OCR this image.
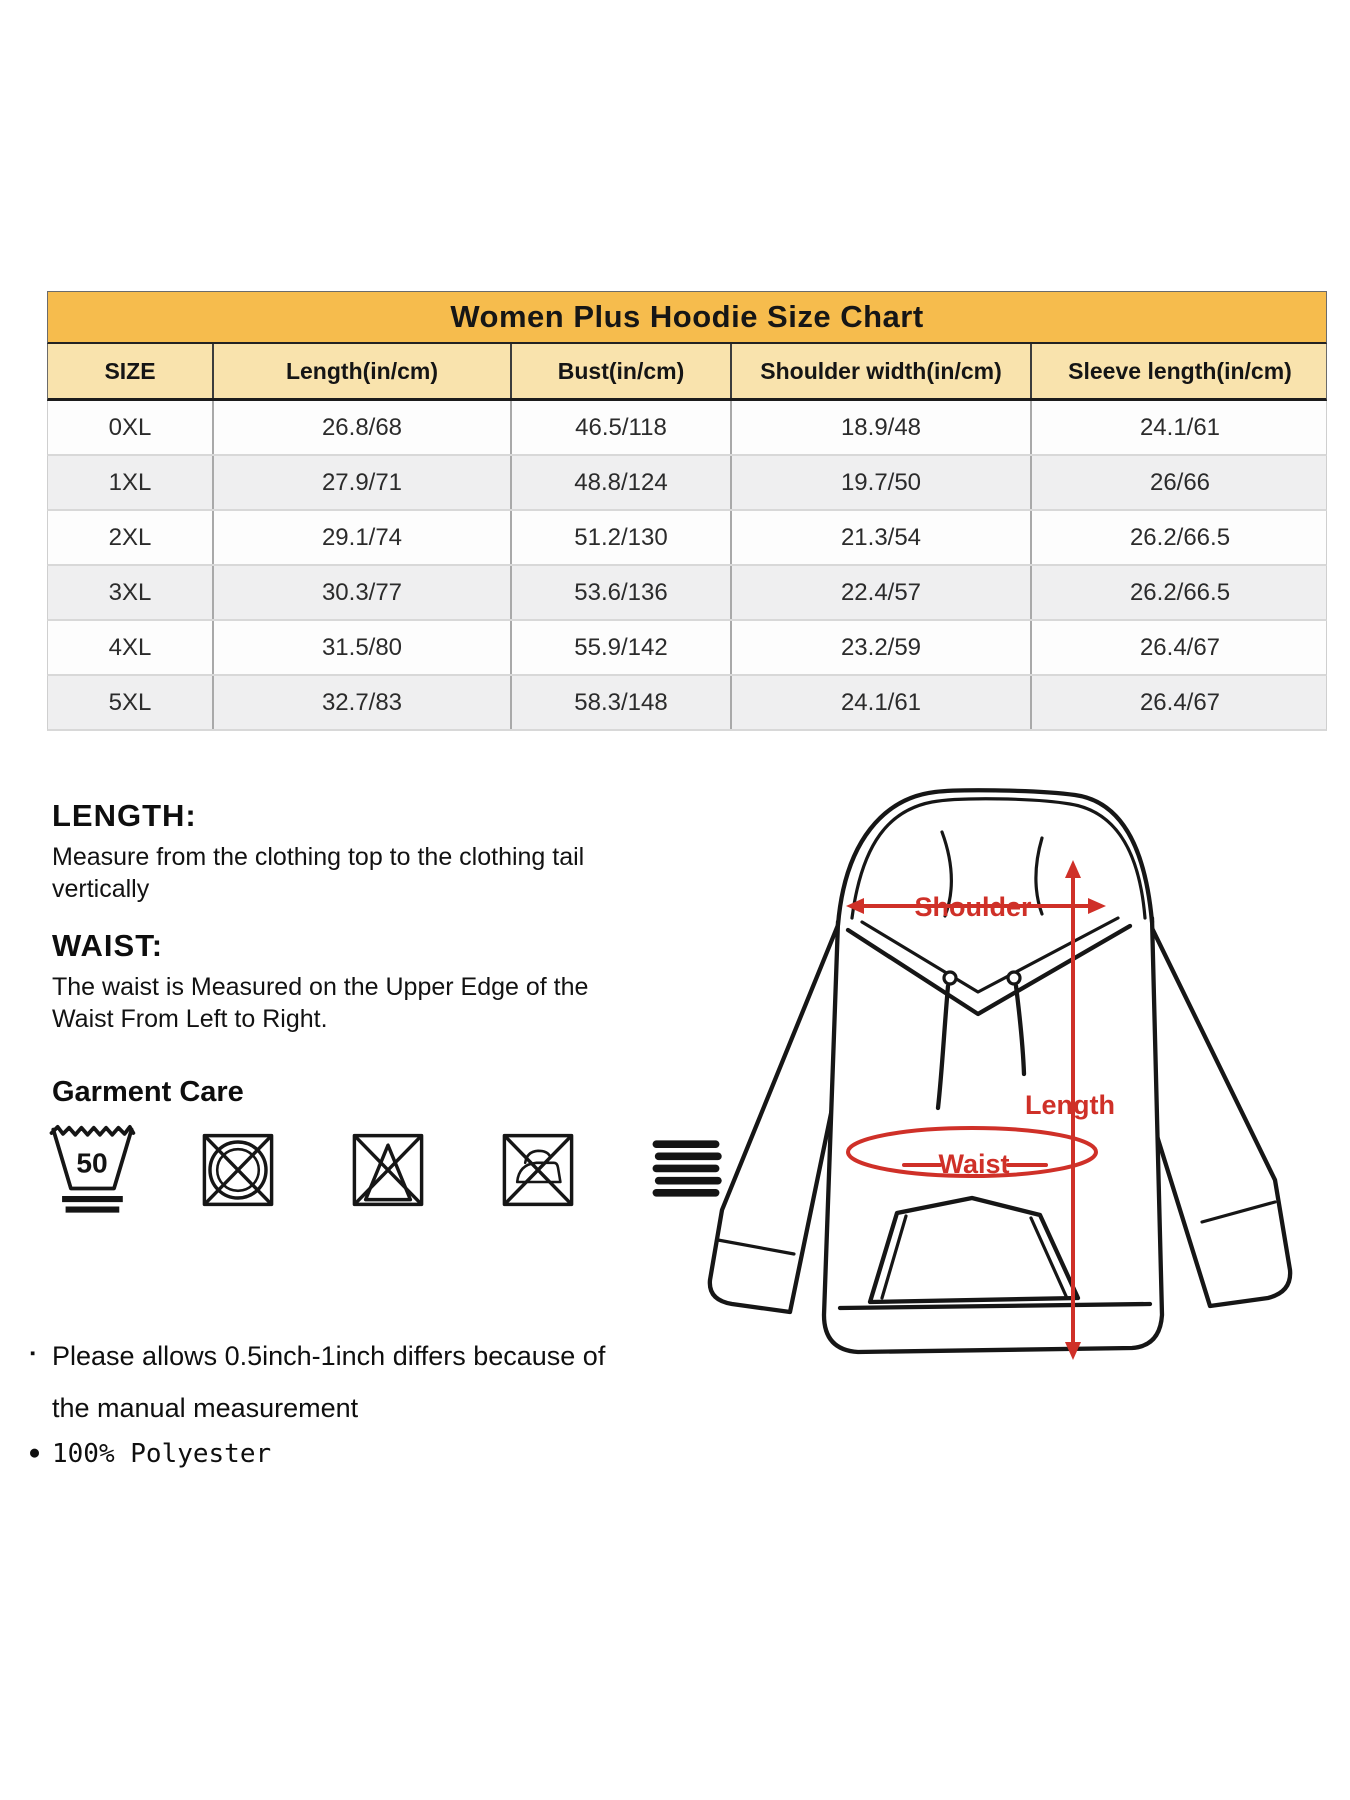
Women Plus Hoodie Size Chart
SIZE	Length(in/cm)	Bust(in/cm)	Shoulder width(in/cm)	Sleeve length(in/cm)
0XL	26.8/68	46.5/118	18.9/48	24.1/61
1XL	27.9/71	48.8/124	19.7/50	26/66
2XL	29.1/74	51.2/130	21.3/54	26.2/66.5
3XL	30.3/77	53.6/136	22.4/57	26.2/66.5
4XL	31.5/80	55.9/142	23.2/59	26.4/67
5XL	32.7/83	58.3/148	24.1/61	26.4/67

LENGTH:

Measure from the clothing top to the clothing tail vertically

WAIST:

The waist is Measured on the Upper Edge of the Waist From Left to Right.

Garment Care
50
▪ Please allows 0.5inch-1inch differs because of the manual measurement
● 100% Polyester
Shoulder
Length
Waist
